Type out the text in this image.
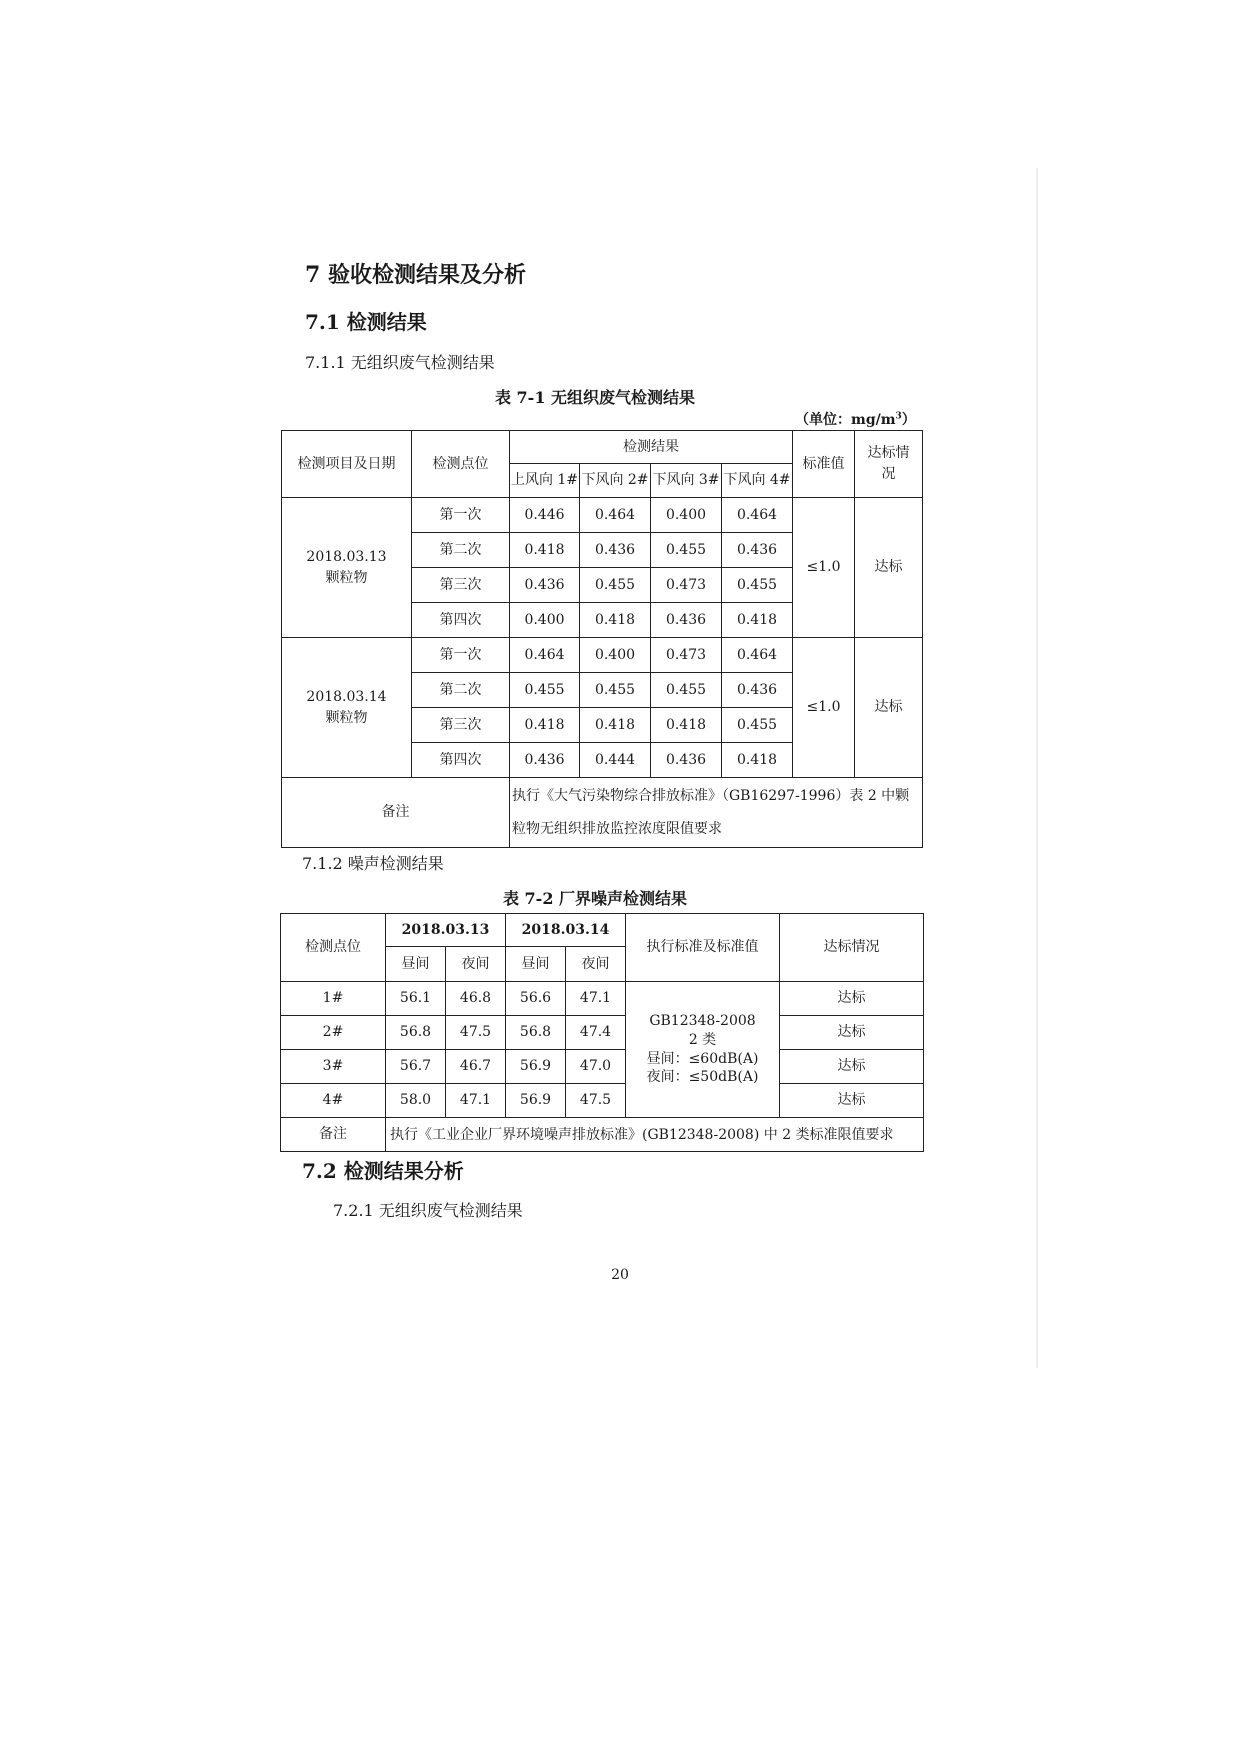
7 验收检测结果及分析
7.1 检测结果
7.1.1 无组织废气检测结果
表 7-1 无组织废气检测结果
（单位：$mg/m^3$）
检测项目及日期	检测点位	检测结果				标准值	达标情况
		上风向 1#	下风向 2#	下风向 3#	下风向 4#		
2018.03.13
颗粒物	第一次	0.446	0.464	0.400	0.464	≤1.0	达标
	第二次	0.418	0.436	0.455	0.436		
	第三次	0.436	0.455	0.473	0.455		
	第四次	0.400	0.418	0.436	0.418		
2018.03.14
颗粒物	第一次	0.464	0.400	0.473	0.464	≤1.0	达标
	第二次	0.455	0.455	0.455	0.436		
	第三次	0.418	0.418	0.418	0.455		
	第四次	0.436	0.444	0.436	0.418		
备注		执行《大气污染物综合排放标准》（GB16297-1996）表 2 中颗粒物无组织排放监控浓度限值要求					
7.1.2 噪声检测结果
表 7-2 厂界噪声检测结果
检测点位	2018.03.13		2018.03.14		执行标准及标准值	达标情况
	昼间	夜间	昼间	夜间		
1#	56.1	46.8	56.6	47.1	GB12348-2008
2 类
昼间：≤60dB(A)
夜间：≤50dB(A)	达标
2#	56.8	47.5	56.8	47.4		达标
3#	56.7	46.7	56.9	47.0		达标
4#	58.0	47.1	56.9	47.5		达标
备注	执行《工业企业厂界环境噪声排放标准》(GB12348-2008) 中 2 类标准限值要求					
7.2 检测结果分析
7.2.1 无组织废气检测结果
20
